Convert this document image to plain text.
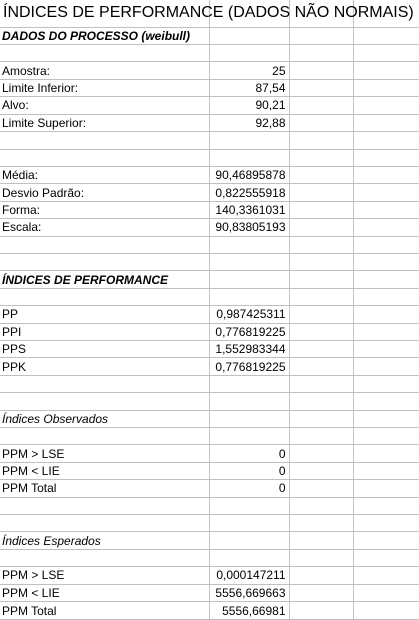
ÍNDICES DE PERFORMANCE (DADOS NÃO NORMAIS)			

DADOS DO PROCESSO (weibull)			

Amostra:	25		
Limite Inferior:	87,54		
Alvo:	90,21		
Limite Superior:	92,88		

Média:	90,46895878		
Desvio Padrão:	0,822555918		
Forma:	140,3361031		
Escala:	90,83805193		

ÍNDICES DE PERFORMANCE			

PP	0,987425311		
PPI	0,776819225		
PPS	1,552983344		
PPK	0,776819225		

Índices Observados			

PPM > LSE	0		
PPM < LIE	0		
PPM Total	0		

Índices Esperados			

PPM > LSE	0,000147211		
PPM < LIE	5556,669663		
PPM Total	5556,66981		
